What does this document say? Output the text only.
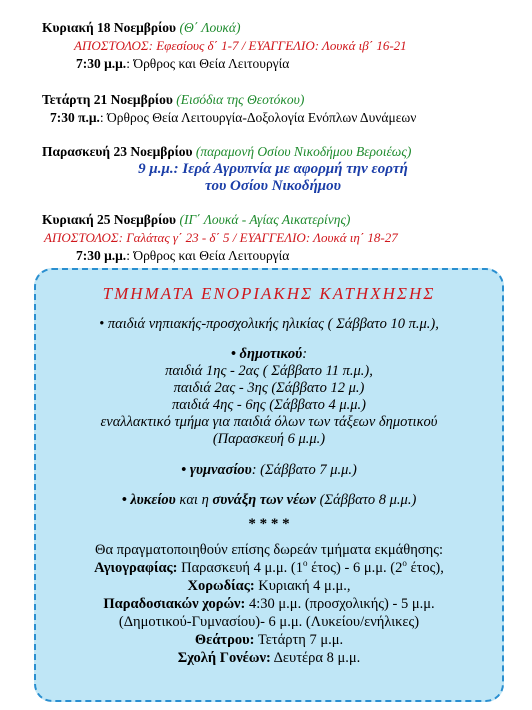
Κυριακή 18 Νοεμβρίου (Θ΄ Λουκά)
ΑΠΟΣΤΟΛΟΣ: Εφεσίους δ΄ 1-7 / ΕΥΑΓΓΕΛΙΟ: Λουκά ιβ΄ 16-21
7:30 μ.μ.: Όρθρος και Θεία Λειτουργία
Τετάρτη 21 Νοεμβρίου (Εισόδια της Θεοτόκου)
7:30 π.μ.: Όρθρος Θεία Λειτουργία-Δοξολογία Ενόπλων Δυνάμεων
Παρασκευή 23 Νοεμβρίου (παραμονή Οσίου Νικοδήμου Βεροιέως)
9 μ.μ.: Ιερά Αγρυπνία με αφορμή την εορτή
του Οσίου Νικοδήμου
Κυριακή 25 Νοεμβρίου (ΙΓ΄ Λουκά - Αγίας Αικατερίνης)
ΑΠΟΣΤΟΛΟΣ: Γαλάτας γ΄ 23 - δ΄ 5 / ΕΥΑΓΓΕΛΙΟ: Λουκά ιη΄ 18-27
7:30 μ.μ.: Όρθρος και Θεία Λειτουργία
ΤΜΗΜΑΤΑ ΕΝΟΡΙΑΚΗΣ ΚΑΤΗΧΗΣΗΣ
• παιδιά νηπιακής-προσχολικής ηλικίας ( Σάββατο 10 π.μ.),
• δημοτικού:
παιδιά 1ης - 2ας ( Σάββατο 11 π.μ.),
παιδιά 2ας - 3ης (Σάββατο 12 μ.)
παιδιά 4ης - 6ης (Σάββατο 4 μ.μ.)
εναλλακτικό τμήμα για παιδιά όλων των τάξεων δημοτικού
(Παρασκευή 6 μ.μ.)
• γυμνασίου: (Σάββατο 7 μ.μ.)
• λυκείου και η συνάξη των νέων (Σάββατο 8 μ.μ.)
* * * *
Θα πραγματοποιηθούν επίσης δωρεάν τμήματα εκμάθησης:
Αγιογραφίας: Παρασκευή 4 μ.μ. ($1^o$ έτος) - 6 μ.μ. ($2^o$ έτος),
Χορωδίας: Κυριακή 4 μ.μ.,
Παραδοσιακών χορών: 4:30 μ.μ. (προσχολικής) - 5 μ.μ.
(Δημοτικού-Γυμνασίου)- 6 μ.μ. (Λυκείου/ενήλικες)
Θεάτρου: Τετάρτη 7 μ.μ.
Σχολή Γονέων: Δευτέρα 8 μ.μ.
